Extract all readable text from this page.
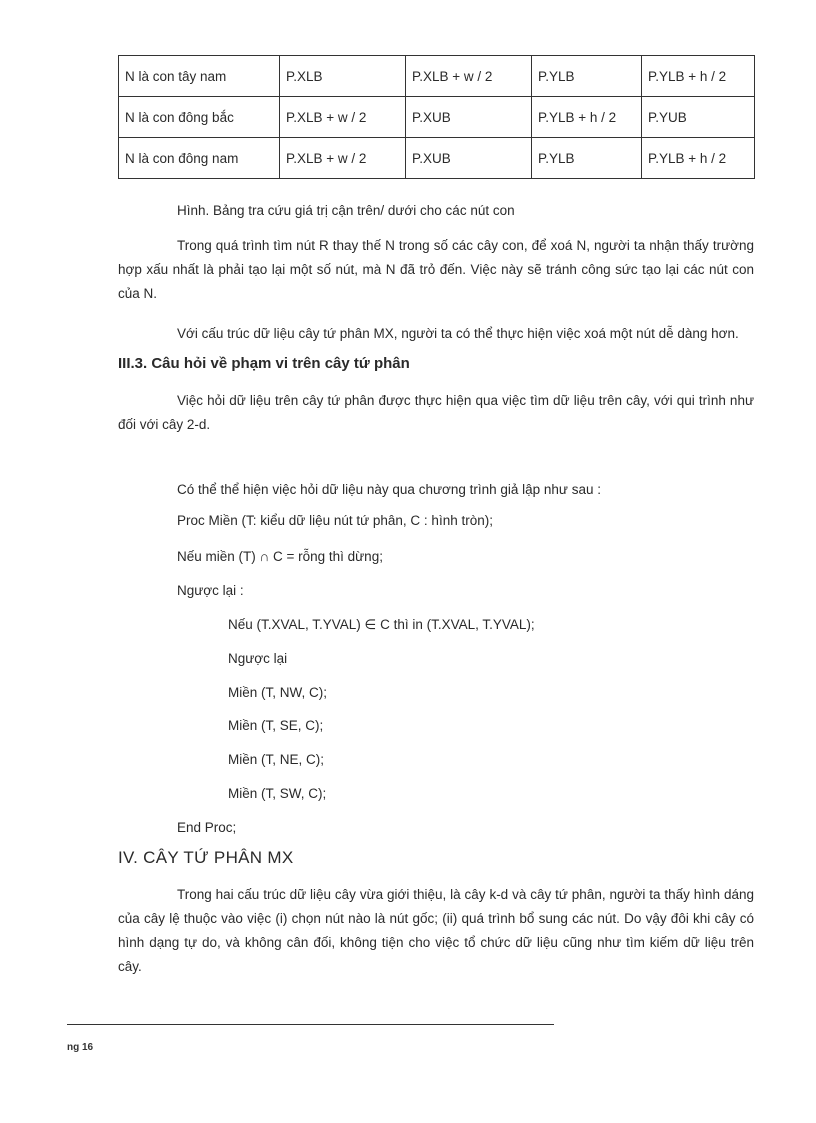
N là con tây nam	P.XLB	P.XLB + w / 2	P.YLB	P.YLB + h / 2
N là con đông bắc	P.XLB + w / 2	P.XUB	P.YLB + h / 2	P.YUB
N là con đông nam	P.XLB + w / 2	P.XUB	P.YLB	P.YLB + h / 2
Hình. Bảng tra cứu giá trị cận trên/ dưới cho các nút con

Trong quá trình tìm nút R thay thế N trong số các cây con, để xoá N, người ta nhận thấy trường hợp xấu nhất là phải tạo lại một số nút, mà N đã trỏ đến. Việc này sẽ tránh công sức tạo lại các nút con của N.

Với cấu trúc dữ liệu cây tứ phân MX, người ta có thể thực hiện việc xoá một nút dễ dàng hơn.

III.3. Câu hỏi về phạm vi trên cây tứ phân

Việc hỏi dữ liệu trên cây tứ phân được thực hiện qua việc tìm dữ liệu trên cây, với qui trình như đối với cây 2-d.

Có thể thể hiện việc hỏi dữ liệu này qua chương trình giả lập như sau :
Proc Miền (T: kiểu dữ liệu nút tứ phân, C : hình tròn);
Nếu miền (T) ∩ C = rỗng thì dừng;
Ngược lại :
Nếu (T.XVAL, T.YVAL) ∈ C thì in (T.XVAL, T.YVAL);
Ngược lại
Miền (T, NW, C);
Miền (T, SE, C);
Miền (T, NE, C);
Miền (T, SW, C);
End Proc;
IV. CÂY TỨ PHÂN MX

Trong hai cấu trúc dữ liệu cây vừa giới thiệu, là cây k-d và cây tứ phân, người ta thấy hình dáng của cây lệ thuộc vào việc (i) chọn nút nào là nút gốc; (ii) quá trình bổ sung các nút. Do vậy đôi khi cây có hình dạng tự do, và không cân đối, không tiện cho việc tổ chức dữ liệu cũng như tìm kiếm dữ liệu trên cây.

ng 16
